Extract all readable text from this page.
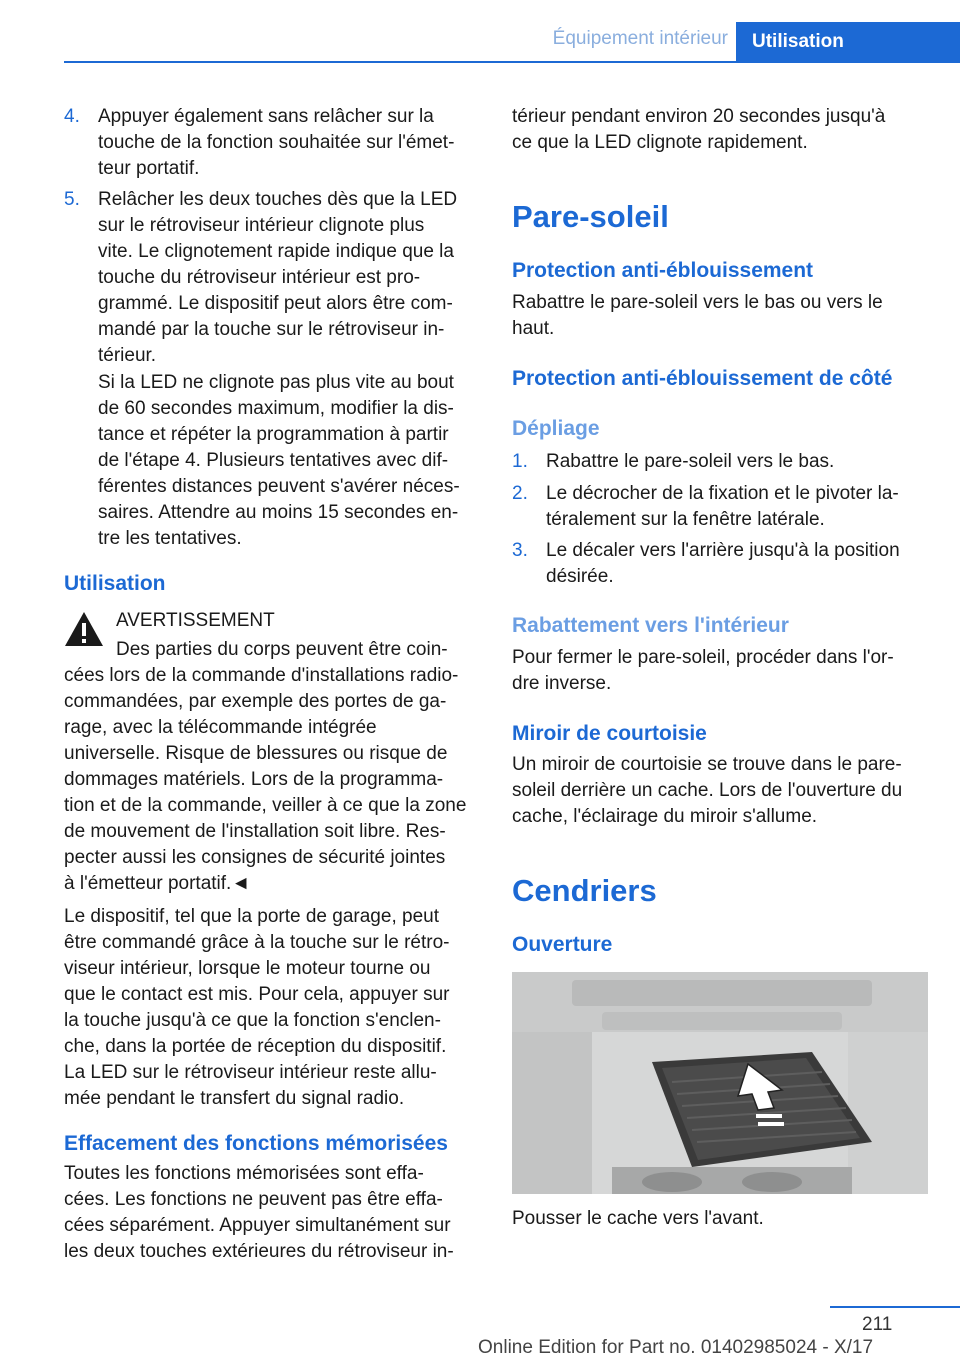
Équipement intérieur	Utilisation
4. Appuyer également sans relâcher sur la
touche de la fonction souhaitée sur l'émet‐
teur portatif.
5. Relâcher les deux touches dès que la LED
sur le rétroviseur intérieur clignote plus
vite. Le clignotement rapide indique que la
touche du rétroviseur intérieur est pro‐
grammé. Le dispositif peut alors être com‐
mandé par la touche sur le rétroviseur in‐
térieur.
Si la LED ne clignote pas plus vite au bout
de 60 secondes maximum, modifier la dis‐
tance et répéter la programmation à partir
de l'étape 4. Plusieurs tentatives avec dif‐
férentes distances peuvent s'avérer néces‐
saires. Attendre au moins 15 secondes en‐
tre les tentatives.
Utilisation
AVERTISSEMENT
Des parties du corps peuvent être coin‐
cées lors de la commande d'installations radio-
commandées, par exemple des portes de ga‐
rage, avec la télécommande intégrée
universelle. Risque de blessures ou risque de
dommages matériels. Lors de la programma‐
tion et de la commande, veiller à ce que la zone
de mouvement de l'installation soit libre. Res‐
pecter aussi les consignes de sécurité jointes
à l'émetteur portatif.◄
Le dispositif, tel que la porte de garage, peut
être commandé grâce à la touche sur le rétro‐
viseur intérieur, lorsque le moteur tourne ou
que le contact est mis. Pour cela, appuyer sur
la touche jusqu'à ce que la fonction s'enclen‐
che, dans la portée de réception du dispositif.
La LED sur le rétroviseur intérieur reste allu‐
mée pendant le transfert du signal radio.
Effacement des fonctions mémorisées
Toutes les fonctions mémorisées sont effa‐
cées. Les fonctions ne peuvent pas être effa‐
cées séparément. Appuyer simultanément sur
les deux touches extérieures du rétroviseur in‐
térieur pendant environ 20 secondes jusqu'à
ce que la LED clignote rapidement.
Pare-soleil
Protection anti-éblouissement
Rabattre le pare-soleil vers le bas ou vers le
haut.
Protection anti-éblouissement de côté
Dépliage
1. Rabattre le pare-soleil vers le bas.
2. Le décrocher de la fixation et le pivoter la‐
téralement sur la fenêtre latérale.
3. Le décaler vers l'arrière jusqu'à la position
désirée.
Rabattement vers l'intérieur
Pour fermer le pare-soleil, procéder dans l'or‐
dre inverse.
Miroir de courtoisie
Un miroir de courtoisie se trouve dans le pare-
soleil derrière un cache. Lors de l'ouverture du
cache, l'éclairage du miroir s'allume.
Cendriers
Ouverture
Pousser le cache vers l'avant.
211
Online Edition for Part no. 01402985024 - X/17
